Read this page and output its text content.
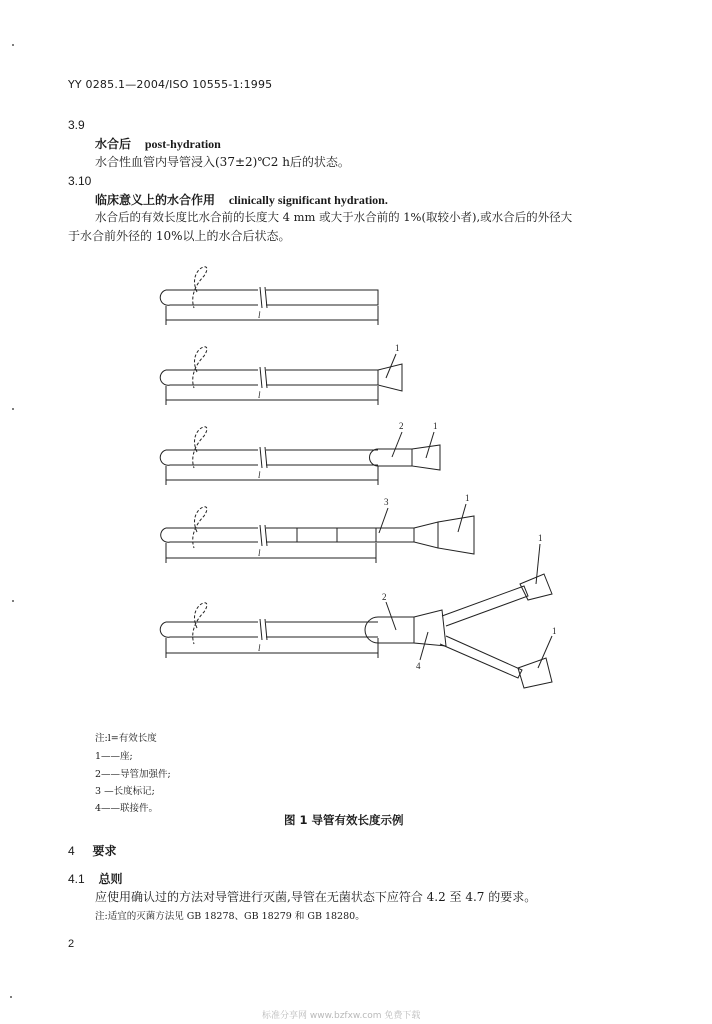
YY 0285.1—2004/ISO 10555-1:1995
3.9
水合后 post-hydration
水合性血管内导管浸入(37±2)℃2 h后的状态。
3.10
临床意义上的水合作用 clinically significant hydration.
水合后的有效长度比水合前的长度大 4 mm 或大于水合前的 1%(取较小者),或水合后的外径大
于水合前外径的 10%以上的水合后状态。
l
l
l
l
l
1
2	1
3	1
1
2
1
4
注:l=有效长度
1——座;
2——导管加强件;
3 —长度标记;
4——联接件。
图 1 导管有效长度示例
4 要求
4.1 总则
应使用确认过的方法对导管进行灭菌,导管在无菌状态下应符合 4.2 至 4.7 的要求。
注:适宜的灭菌方法见 GB 18278、GB 18279 和 GB 18280。
2
标准分享网 www.bzfxw.com 免费下载
